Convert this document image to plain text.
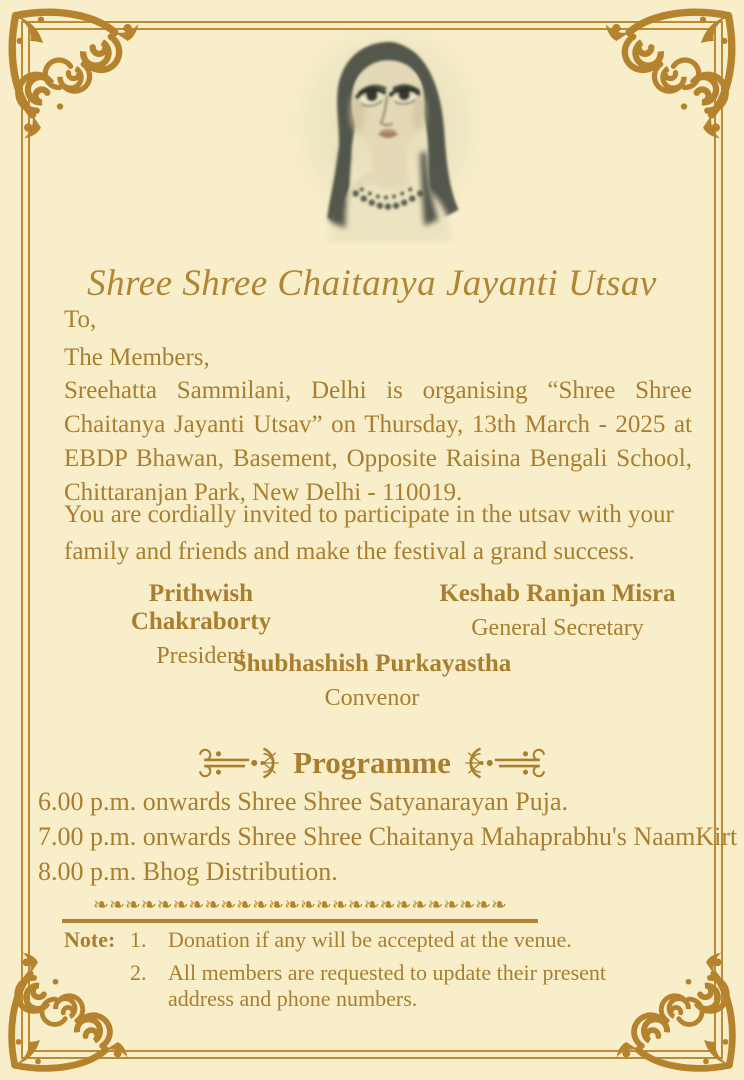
Shree Shree Chaitanya Jayanti Utsav
To,
The Members,
Sreehatta Sammilani, Delhi is organising “Shree Shree Chaitanya Jayanti Utsav” on Thursday, 13th March - 2025 at EBDP Bhawan, Basement, Opposite Raisina Bengali School, Chittaranjan Park, New Delhi - 110019.
You are cordially invited to participate in the utsav with your family and friends and make the festival a grand success.
Prithwish Chakraborty
President
Keshab Ranjan Misra
General Secretary
Shubhashish Purkayastha
Convenor
Programme
6.00 p.m. onwards Shree Shree Satyanarayan Puja.
7.00 p.m. onwards Shree Shree Chaitanya Mahaprabhu's NaamKirt
8.00 p.m. Bhog Distribution.
❧❧❧❧❧❧❧❧❧❧❧❧❧❧❧❧❧❧❧❧❧❧❧❧❧❧
Note: 1. Donation if any will be accepted at the venue.
2. All members are requested to update their present address and phone numbers.
